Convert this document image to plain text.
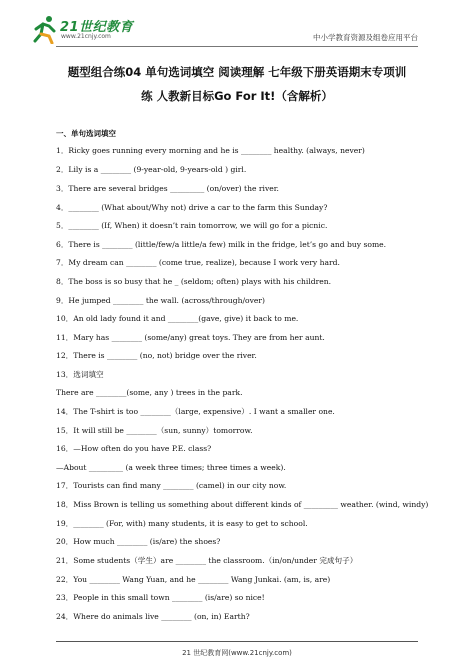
21世纪教育
www.21cnjy.com	中小学教育资源及组卷应用平台
题型组合练04 单句选词填空 阅读理解 七年级下册英语期末专项训
练 人教新目标Go For It!（含解析）
一、单句选词填空
1．Ricky goes running every morning and he is ________ healthy. (always, never)
2．Lily is a ________ (9-year-old, 9-years-old ) girl.
3．There are several bridges _________ (on/over) the river.
4．________ (What about/Why not) drive a car to the farm this Sunday?
5．________ (If, When) it doesn’t rain tomorrow, we will go for a picnic.
6．There is ________ (little/few/a little/a few) milk in the fridge, let’s go and buy some.
7．My dream can ________ (come true, realize), because I work very hard.
8．The boss is so busy that he _ (seldom; often) plays with his children.
9．He jumped ________ the wall. (across/through/over)
10．An old lady found it and ________(gave, give) it back to me.
11．Mary has ________ (some/any) great toys. They are from her aunt.
12．There is ________ (no, not) bridge over the river.
13．选词填空
There are ________(some, any ) trees in the park.
14．The T-shirt is too ________（large, expensive）. I want a smaller one.
15．It will still be ________（sun, sunny）tomorrow.
16．—How often do you have P.E. class?
—About _________ (a week three times; three times a week).
17．Tourists can find many ________ (camel) in our city now.
18．Miss Brown is telling us something about different kinds of _________ weather. (wind, windy)
19．________ (For, with) many students, it is easy to get to school.
20．How much ________ (is/are) the shoes?
21．Some students（学生）are ________ the classroom.（in/on/under 完成句子）
22．You ________ Wang Yuan, and he ________ Wang Junkai. (am, is, are)
23．People in this small town ________ (is/are) so nice!
24．Where do animals live ________ (on, in) Earth?
21 世纪教育网(www.21cnjy.com)
